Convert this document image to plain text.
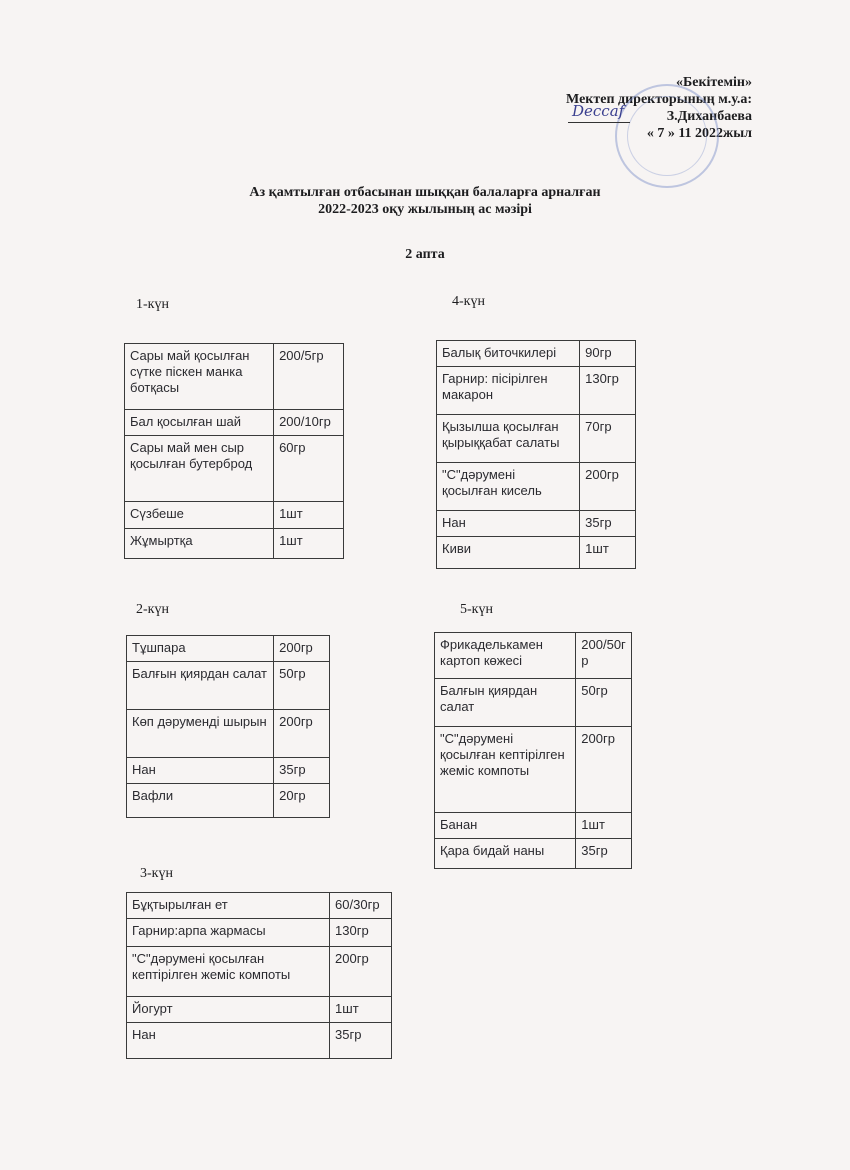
«Бекітемін»
Мектеп директорының м.у.а:
З.Диханбаева
« 7 » 11 2022жыл
Deccaf
Аз қамтылған отбасынан шыққан балаларға арналған
2022-2023 оқу жылының ас мәзірі
2 апта
1-күн
Сары май қосылған сүтке піскен манка ботқасы	200/5гр
Бал қосылған шай	200/10гр
Сары май мен сыр қосылған бутерброд	60гр
Сүзбеше	1шт
Жұмыртқа	1шт
2-күн
Тұшпара	200гр
Балғын қиярдан салат	50гр
Көп дәруменді шырын	200гр
Нан	35гр
Вафли	20гр
3-күн
Бұқтырылған ет	60/30гр
Гарнир:арпа жармасы	130гр
"С"дәрумені қосылған кептірілген жеміс компоты	200гр
Йогурт	1шт
Нан	35гр
4-күн
Балық биточкилері	90гр
Гарнир: пісірілген макарон	130гр
Қызылша қосылған қырыққабат салаты	70гр
"С"дәрумені қосылған кисель	200гр
Нан	35гр
Киви	1шт
5-күн
Фрикаделькамен картоп көжесі	200/50гр
Балғын қиярдан салат	50гр
"С"дәрумені қосылған кептірілген жеміс компоты	200гр
Банан	1шт
Қара бидай наны	35гр
